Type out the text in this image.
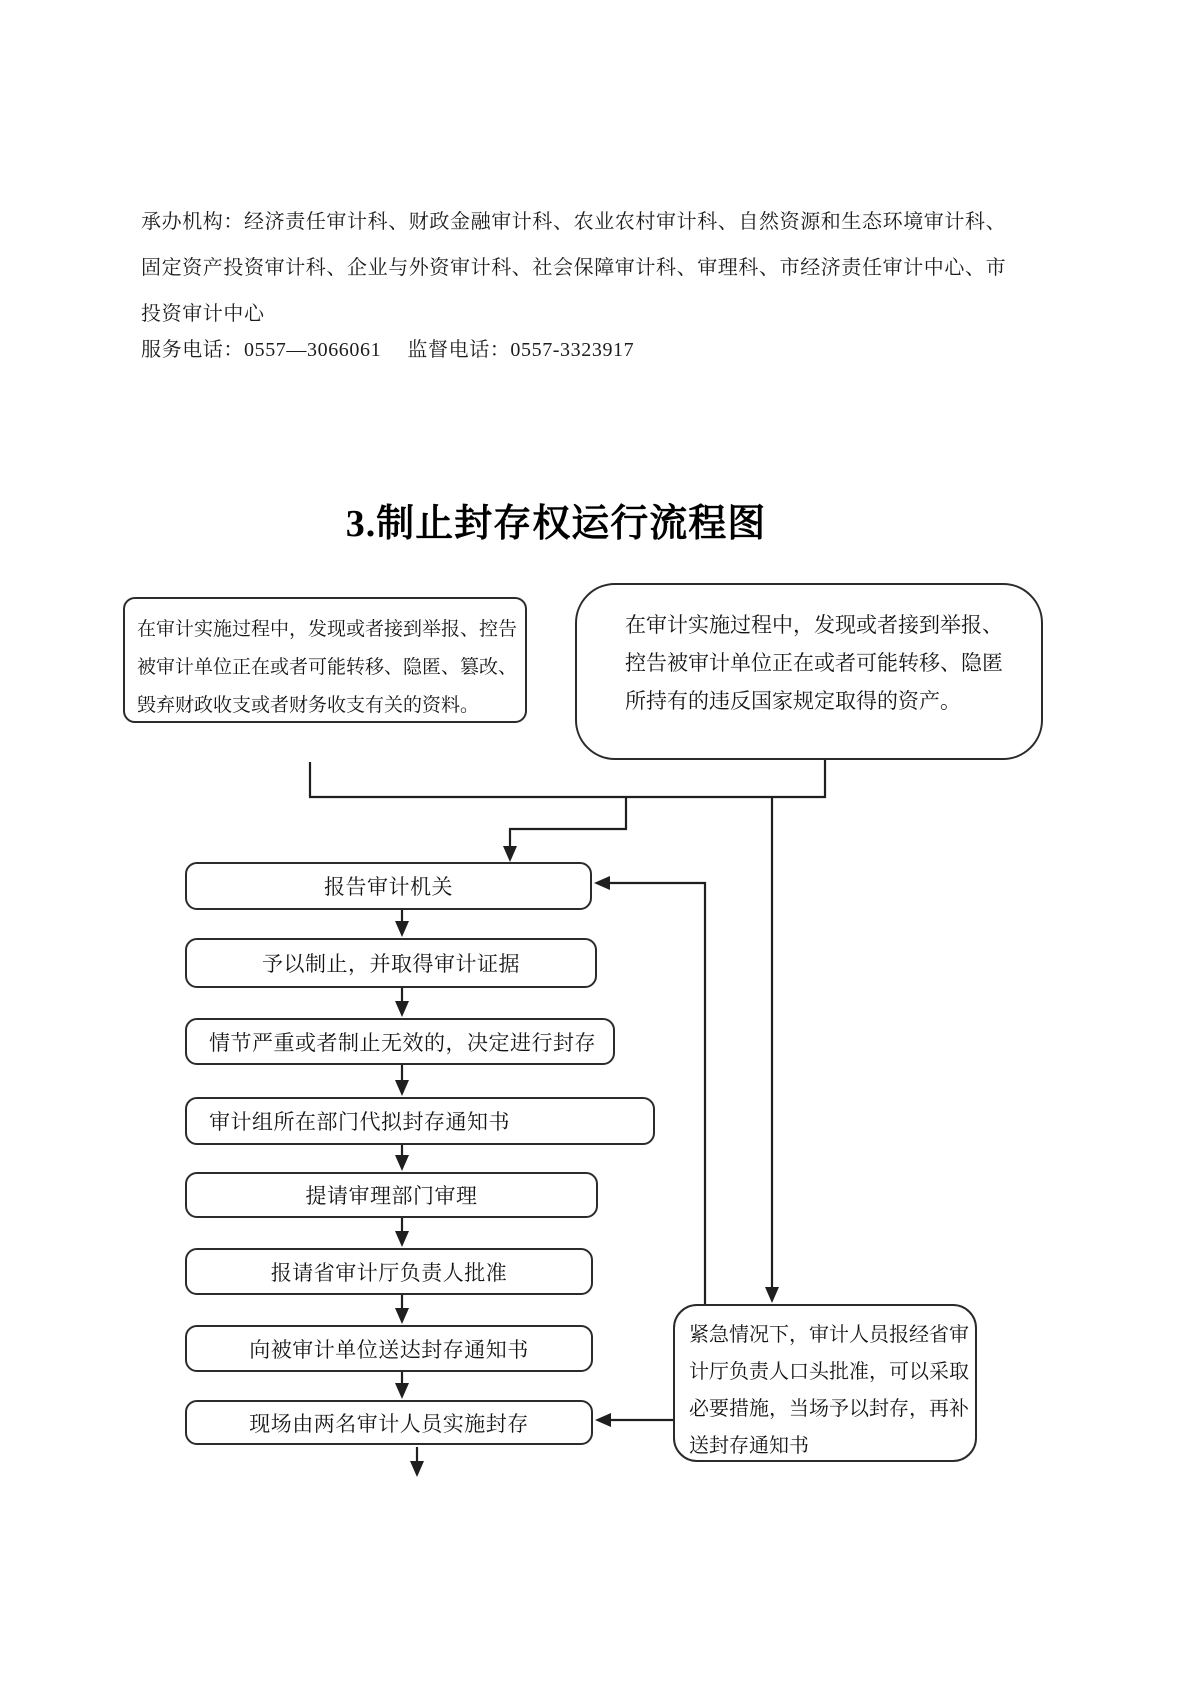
承办机构：经济责任审计科、财政金融审计科、农业农村审计科、自然资源和生态环境审计科、
固定资产投资审计科、企业与外资审计科、社会保障审计科、审理科、市经济责任审计中心、市
投资审计中心
服务电话：0557—3066061　 监督电话：0557-3323917
3.制止封存权运行流程图
在审计实施过程中，发现或者接到举报、控告
被审计单位正在或者可能转移、隐匿、篡改、
毁弃财政收支或者财务收支有关的资料。
在审计实施过程中，发现或者接到举报、
控告被审计单位正在或者可能转移、隐匿
所持有的违反国家规定取得的资产。
报告审计机关
予以制止，并取得审计证据
情节严重或者制止无效的，决定进行封存
审计组所在部门代拟封存通知书
提请审理部门审理
报请省审计厅负责人批准
向被审计单位送达封存通知书
现场由两名审计人员实施封存
紧急情况下，审计人员报经省审
计厅负责人口头批准，可以采取
必要措施，当场予以封存，再补
送封存通知书
